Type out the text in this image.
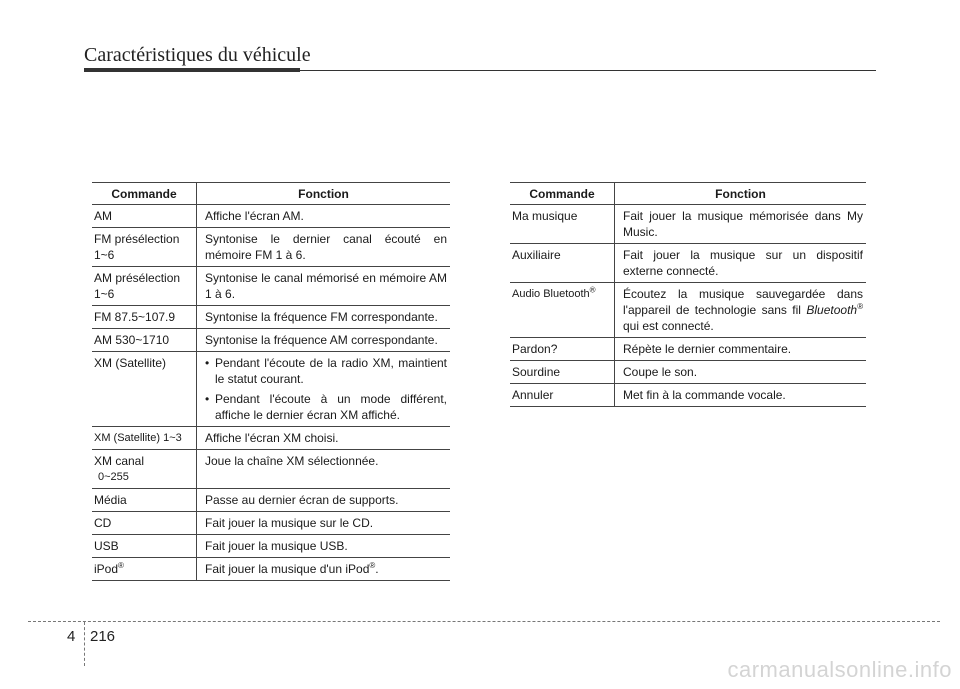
Caractéristiques du véhicule
Commande	Fonction
AM	Affiche l'écran AM.

FM présélection
1~6	Syntonise le dernier canal écouté en mémoire FM 1 à 6.

AM présélection
1~6	Syntonise le canal mémorisé en mémoire AM 1 à 6.
FM 87.5~107.9	Syntonise la fréquence FM correspondante.
AM 530~1710	Syntonise la fréquence AM correspondante.
XM (Satellite)	• Pendant l'écoute de la radio XM, maintient le statut courant.
• Pendant l'écoute à un mode différent, affiche le dernier écran XM affiché.

XM (Satellite) 1~3	Affiche l'écran XM choisi.

XM canal
0~255	Joue la chaîne XM sélectionnée.
Média	Passe au dernier écran de supports.
CD	Fait jouer la musique sur le CD.
USB	Fait jouer la musique USB.
iPod®	Fait jouer la musique d'un iPod®.
Commande	Fonction
Ma musique	Fait jouer la musique mémorisée dans My Music.
Auxiliaire	Fait jouer la musique sur un dispositif externe connecté.
Audio Bluetooth®	Écoutez la musique sauvegardée dans l'appareil de technologie sans fil Bluetooth® qui est connecté.
Pardon?	Répète le dernier commentaire.
Sourdine	Coupe le son.
Annuler	Met fin à la commande vocale.
4 216
carmanualsonline.info
